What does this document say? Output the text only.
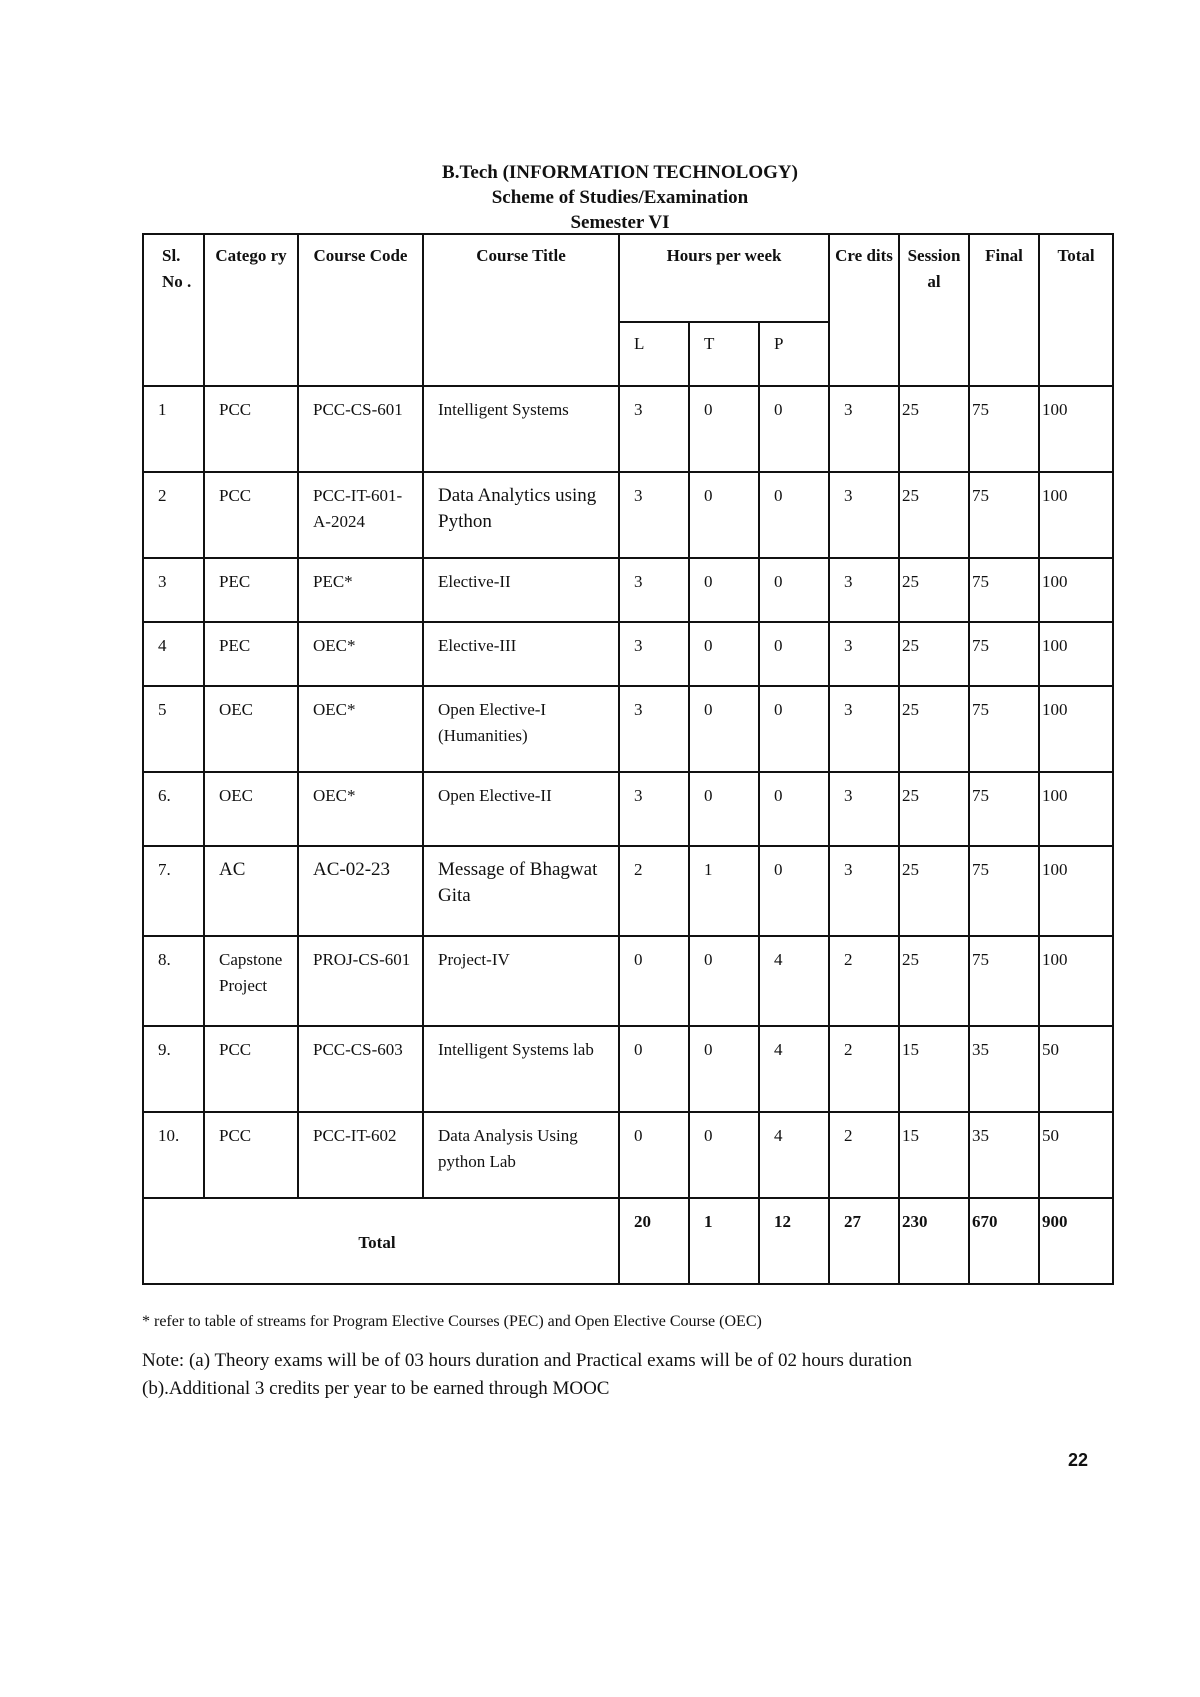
B.Tech (INFORMATION TECHNOLOGY)
Scheme of Studies/Examination
Semester VI
Sl. No .	Catego ry	Course Code	Course Title	Hours per week			Cre dits	Session al	Final	Total
				L	T	P				
1	PCC	PCC-CS-601	Intelligent Systems	3	0	0	3	25	75	100
2	PCC	PCC-IT-601-A-2024	Data Analytics using Python	3	0	0	3	25	75	100
3	PEC	PEC*	Elective-II	3	0	0	3	25	75	100
4	PEC	OEC*	Elective-III	3	0	0	3	25	75	100
5	OEC	OEC*	Open Elective-I (Humanities)	3	0	0	3	25	75	100
6.	OEC	OEC*	Open Elective-II	3	0	0	3	25	75	100
7.	AC	AC-02-23	Message of Bhagwat Gita	2	1	0	3	25	75	100
8.	Capstone Project	PROJ-CS-601	Project-IV	0	0	4	2	25	75	100
9.	PCC	PCC-CS-603	Intelligent Systems lab	0	0	4	2	15	35	50
10.	PCC	PCC-IT-602	Data Analysis Using python Lab	0	0	4	2	15	35	50
Total				20	1	12	27	230	670	900
* refer to table of streams for Program Elective Courses (PEC) and Open Elective Course (OEC)
Note: (a) Theory exams will be of 03 hours duration and Practical exams will be of 02 hours duration
(b).Additional 3 credits per year to be earned through MOOC
22
